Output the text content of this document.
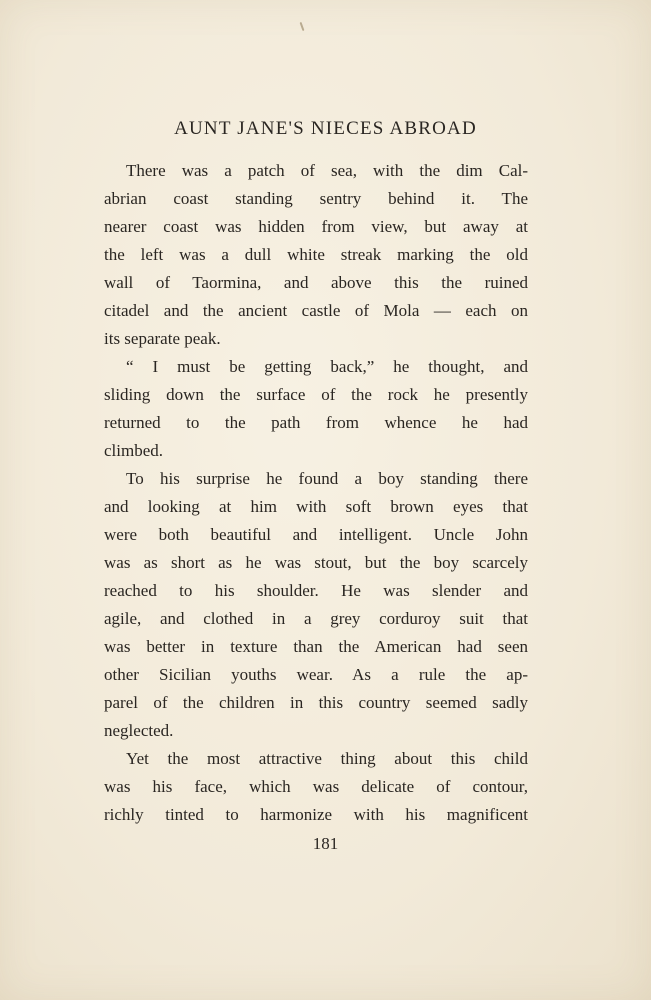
AUNT JANE'S NIECES ABROAD
There was a patch of sea, with the dim Cal-
abrian coast standing sentry behind it. The
nearer coast was hidden from view, but away at
the left was a dull white streak marking the old
wall of Taormina, and above this the ruined
citadel and the ancient castle of Mola — each on
its separate peak.
“ I must be getting back,” he thought, and
sliding down the surface of the rock he presently
returned to the path from whence he had
climbed.
To his surprise he found a boy standing there
and looking at him with soft brown eyes that
were both beautiful and intelligent. Uncle John
was as short as he was stout, but the boy scarcely
reached to his shoulder. He was slender and
agile, and clothed in a grey corduroy suit that
was better in texture than the American had seen
other Sicilian youths wear. As a rule the ap-
parel of the children in this country seemed sadly
neglected.
Yet the most attractive thing about this child
was his face, which was delicate of contour,
richly tinted to harmonize with his magnificent
181
